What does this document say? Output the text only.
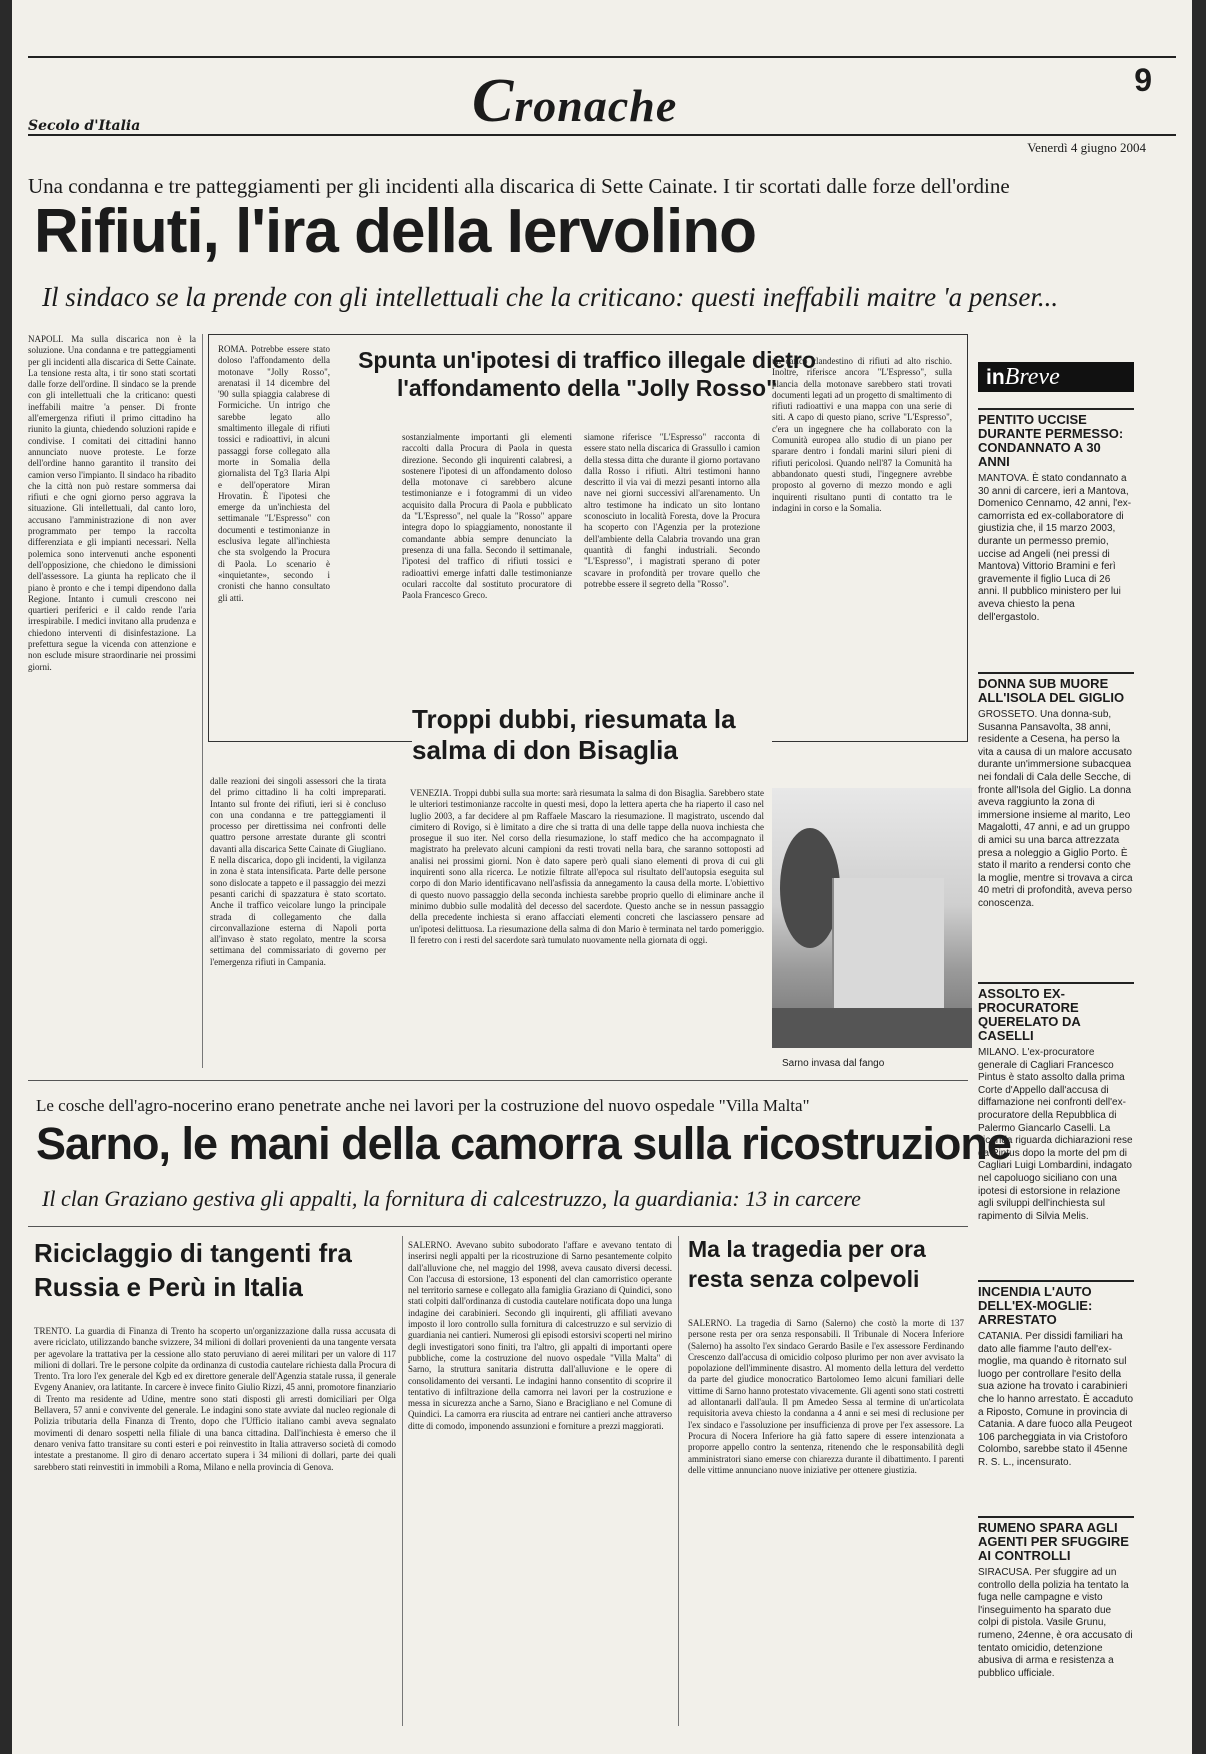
Cronache	9
Secolo d'Italia
Venerdì 4 giugno 2004
Una condanna e tre patteggiamenti per gli incidenti alla discarica di Sette Cainate. I tir scortati dalle forze dell'ordine
Rifiuti, l'ira della Iervolino
Il sindaco se la prende con gli intellettuali che la criticano: questi ineffabili maitre 'a penser...
NAPOLI. Ma sulla discarica non è la soluzione. Una condanna e tre patteggiamenti per gli incidenti alla discarica di Sette Cainate. La tensione resta alta, i tir sono stati scortati dalle forze dell'ordine. Il sindaco se la prende con gli intellettuali che la criticano: questi ineffabili maitre 'a penser. Di fronte all'emergenza rifiuti il primo cittadino ha riunito la giunta, chiedendo soluzioni rapide e condivise. I comitati dei cittadini hanno annunciato nuove proteste. Le forze dell'ordine hanno garantito il transito dei camion verso l'impianto. Il sindaco ha ribadito che la città non può restare sommersa dai rifiuti e che ogni giorno perso aggrava la situazione. Gli intellettuali, dal canto loro, accusano l'amministrazione di non aver programmato per tempo la raccolta differenziata e gli impianti necessari. Nella polemica sono intervenuti anche esponenti dell'opposizione, che chiedono le dimissioni dell'assessore. La giunta ha replicato che il piano è pronto e che i tempi dipendono dalla Regione. Intanto i cumuli crescono nei quartieri periferici e il caldo rende l'aria irrespirabile. I medici invitano alla prudenza e chiedono interventi di disinfestazione. La prefettura segue la vicenda con attenzione e non esclude misure straordinarie nei prossimi giorni.
dalle reazioni dei singoli assessori che la tirata del primo cittadino li ha colti impreparati. Intanto sul fronte dei rifiuti, ieri si è concluso con una condanna e tre patteggiamenti il processo per direttissima nei confronti delle quattro persone arrestate durante gli scontri davanti alla discarica Sette Cainate di Giugliano. E nella discarica, dopo gli incidenti, la vigilanza in zona è stata intensificata. Parte delle persone sono dislocate a tappeto e il passaggio dei mezzi pesanti carichi di spazzatura è stato scortato. Anche il traffico veicolare lungo la principale strada di collegamento che dalla circonvallazione esterna di Napoli porta all'invaso è stato regolato, mentre la scorsa settimana del commissariato di governo per l'emergenza rifiuti in Campania.
Spunta un'ipotesi di traffico illegale dietro l'affondamento della "Jolly Rosso"
ROMA. Potrebbe essere stato doloso l'affondamento della motonave "Jolly Rosso", arenatasi il 14 dicembre del '90 sulla spiaggia calabrese di Formiciche. Un intrigo che sarebbe legato allo smaltimento illegale di rifiuti tossici e radioattivi, in alcuni passaggi forse collegato alla morte in Somalia della giornalista del Tg3 Ilaria Alpi e dell'operatore Miran Hrovatin. È l'ipotesi che emerge da un'inchiesta del settimanale "L'Espresso" con documenti e testimonianze in esclusiva legate all'inchiesta che sta svolgendo la Procura di Paola. Lo scenario è «inquietante», secondo i cronisti che hanno consultato gli atti.
sostanzialmente importanti gli elementi raccolti dalla Procura di Paola in questa direzione. Secondo gli inquirenti calabresi, a sostenere l'ipotesi di un affondamento doloso della motonave ci sarebbero alcune testimonianze e i fotogrammi di un video acquisito dalla Procura di Paola e pubblicato da "L'Espresso", nel quale la "Rosso" appare integra dopo lo spiaggiamento, nonostante il comandante abbia sempre denunciato la presenza di una falla. Secondo il settimanale, l'ipotesi del traffico di rifiuti tossici e radioattivi emerge infatti dalle testimonianze oculari raccolte dal sostituto procuratore di Paola Francesco Greco.
siamone riferisce "L'Espresso" racconta di essere stato nella discarica di Grassullo i camion della stessa ditta che durante il giorno portavano dalla Rosso i rifiuti. Altri testimoni hanno descritto il via vai di mezzi pesanti intorno alla nave nei giorni successivi all'arenamento. Un altro testimone ha indicato un sito lontano sconosciuto in località Foresta, dove la Procura ha scoperto con l'Agenzia per la protezione dell'ambiente della Calabria trovando una gran quantità di fanghi industriali. Secondo "L'Espresso", i magistrati sperano di poter scavare in profondità per trovare quello che potrebbe essere il segreto della "Rosso".
un carico clandestino di rifiuti ad alto rischio. Inoltre, riferisce ancora "L'Espresso", sulla plancia della motonave sarebbero stati trovati documenti legati ad un progetto di smaltimento di rifiuti radioattivi e una mappa con una serie di siti. A capo di questo piano, scrive "L'Espresso", c'era un ingegnere che ha collaborato con la Comunità europea allo studio di un piano per sparare dentro i fondali marini siluri pieni di rifiuti pericolosi. Quando nell'87 la Comunità ha abbandonato questi studi, l'ingegnere avrebbe proposto al governo di mezzo mondo e agli inquirenti risultano punti di contatto tra le indagini in corso e la Somalia.
Troppi dubbi, riesumata la salma di don Bisaglia
VENEZIA. Troppi dubbi sulla sua morte: sarà riesumata la salma di don Bisaglia. Sarebbero state le ulteriori testimonianze raccolte in questi mesi, dopo la lettera aperta che ha riaperto il caso nel luglio 2003, a far decidere al pm Raffaele Mascaro la riesumazione. Il magistrato, uscendo dal cimitero di Rovigo, si è limitato a dire che si tratta di una delle tappe della nuova inchiesta che prosegue il suo iter. Nel corso della riesumazione, lo staff medico che ha accompagnato il magistrato ha prelevato alcuni campioni da resti trovati nella bara, che saranno sottoposti ad analisi nei prossimi giorni. Non è dato sapere però quali siano elementi di prova di cui gli inquirenti sono alla ricerca. Le notizie filtrate all'epoca sul risultato dell'autopsia eseguita sul corpo di don Mario identificavano nell'asfissia da annegamento la causa della morte. L'obiettivo di questo nuovo passaggio della seconda inchiesta sarebbe proprio quello di eliminare anche il minimo dubbio sulle modalità del decesso del sacerdote. Questo anche se in nessun passaggio della precedente inchiesta si erano affacciati elementi concreti che lasciassero pensare ad un'ipotesi delittuosa. La riesumazione della salma di don Mario è terminata nel tardo pomeriggio. Il feretro con i resti del sacerdote sarà tumulato nuovamente nella giornata di oggi.
Sarno invasa dal fango
Le cosche dell'agro-nocerino erano penetrate anche nei lavori per la costruzione del nuovo ospedale "Villa Malta"
Sarno, le mani della camorra sulla ricostruzione
Il clan Graziano gestiva gli appalti, la fornitura di calcestruzzo, la guardiania: 13 in carcere
Riciclaggio di tangenti fra Russia e Perù in Italia
TRENTO. La guardia di Finanza di Trento ha scoperto un'organizzazione dalla russa accusata di avere riciclato, utilizzando banche svizzere, 34 milioni di dollari provenienti da una tangente versata per agevolare la trattativa per la cessione allo stato peruviano di aerei militari per un valore di 117 milioni di dollari. Tre le persone colpite da ordinanza di custodia cautelare richiesta dalla Procura di Trento. Tra loro l'ex generale del Kgb ed ex direttore generale dell'Agenzia statale russa, il generale Evgeny Ananiev, ora latitante. In carcere è invece finito Giulio Rizzi, 45 anni, promotore finanziario di Trento ma residente ad Udine, mentre sono stati disposti gli arresti domiciliari per Olga Bellavera, 57 anni e convivente del generale. Le indagini sono state avviate dal nucleo regionale di Polizia tributaria della Finanza di Trento, dopo che l'Ufficio italiano cambi aveva segnalato movimenti di denaro sospetti nella filiale di una banca cittadina. Dall'inchiesta è emerso che il denaro veniva fatto transitare su conti esteri e poi reinvestito in Italia attraverso società di comodo intestate a prestanome. Il giro di denaro accertato supera i 34 milioni di dollari, parte dei quali sarebbero stati reinvestiti in immobili a Roma, Milano e nella provincia di Genova.
SALERNO. Avevano subito subodorato l'affare e avevano tentato di inserirsi negli appalti per la ricostruzione di Sarno pesantemente colpito dall'alluvione che, nel maggio del 1998, aveva causato diversi decessi. Con l'accusa di estorsione, 13 esponenti del clan camorristico operante nel territorio sarnese e collegato alla famiglia Graziano di Quindici, sono stati colpiti dall'ordinanza di custodia cautelare notificata dopo una lunga indagine dei carabinieri. Secondo gli inquirenti, gli affiliati avevano imposto il loro controllo sulla fornitura di calcestruzzo e sul servizio di guardiania nei cantieri. Numerosi gli episodi estorsivi scoperti nel mirino degli investigatori sono finiti, tra l'altro, gli appalti di importanti opere pubbliche, come la costruzione del nuovo ospedale "Villa Malta" di Sarno, la struttura sanitaria distrutta dall'alluvione e le opere di consolidamento dei versanti. Le indagini hanno consentito di scoprire il tentativo di infiltrazione della camorra nei lavori per la costruzione e messa in sicurezza anche a Sarno, Siano e Bracigliano e nel Comune di Quindici. La camorra era riuscita ad entrare nei cantieri anche attraverso ditte di comodo, imponendo assunzioni e forniture a prezzi maggiorati.
Ma la tragedia per ora resta senza colpevoli
SALERNO. La tragedia di Sarno (Salerno) che costò la morte di 137 persone resta per ora senza responsabili. Il Tribunale di Nocera Inferiore (Salerno) ha assolto l'ex sindaco Gerardo Basile e l'ex assessore Ferdinando Crescenzo dall'accusa di omicidio colposo plurimo per non aver avvisato la popolazione dell'imminente disastro. Al momento della lettura del verdetto da parte del giudice monocratico Bartolomeo Iemo alcuni familiari delle vittime di Sarno hanno protestato vivacemente. Gli agenti sono stati costretti ad allontanarli dall'aula. Il pm Amedeo Sessa al termine di un'articolata requisitoria aveva chiesto la condanna a 4 anni e sei mesi di reclusione per l'ex sindaco e l'assoluzione per insufficienza di prove per l'ex assessore. La Procura di Nocera Inferiore ha già fatto sapere di essere intenzionata a proporre appello contro la sentenza, ritenendo che le responsabilità degli amministratori siano emerse con chiarezza durante il dibattimento. I parenti delle vittime annunciano nuove iniziative per ottenere giustizia.
inBreve
PENTITO UCCISE DURANTE PERMESSO: CONDANNATO A 30 ANNI
MANTOVA. È stato condannato a 30 anni di carcere, ieri a Mantova, Domenico Cennamo, 42 anni, l'ex-camorrista ed ex-collaboratore di giustizia che, il 15 marzo 2003, durante un permesso premio, uccise ad Angeli (nei pressi di Mantova) Vittorio Bramini e ferì gravemente il figlio Luca di 26 anni. Il pubblico ministero per lui aveva chiesto la pena dell'ergastolo.
DONNA SUB MUORE ALL'ISOLA DEL GIGLIO
GROSSETO. Una donna-sub, Susanna Pansavolta, 38 anni, residente a Cesena, ha perso la vita a causa di un malore accusato durante un'immersione subacquea nei fondali di Cala delle Secche, di fronte all'Isola del Giglio. La donna aveva raggiunto la zona di immersione insieme al marito, Leo Magalotti, 47 anni, e ad un gruppo di amici su una barca attrezzata presa a noleggio a Giglio Porto. È stato il marito a rendersi conto che la moglie, mentre si trovava a circa 40 metri di profondità, aveva perso conoscenza.
ASSOLTO EX-PROCURATORE QUERELATO DA CASELLI
MILANO. L'ex-procuratore generale di Cagliari Francesco Pintus è stato assolto dalla prima Corte d'Appello dall'accusa di diffamazione nei confronti dell'ex-procuratore della Repubblica di Palermo Giancarlo Caselli. La vicenda riguarda dichiarazioni rese da Pintus dopo la morte del pm di Cagliari Luigi Lombardini, indagato nel capoluogo siciliano con una ipotesi di estorsione in relazione agli sviluppi dell'inchiesta sul rapimento di Silvia Melis.
INCENDIA L'AUTO DELL'EX-MOGLIE: ARRESTATO
CATANIA. Per dissidi familiari ha dato alle fiamme l'auto dell'ex-moglie, ma quando è ritornato sul luogo per controllare l'esito della sua azione ha trovato i carabinieri che lo hanno arrestato. È accaduto a Riposto, Comune in provincia di Catania. A dare fuoco alla Peugeot 106 parcheggiata in via Cristoforo Colombo, sarebbe stato il 45enne R. S. L., incensurato.
RUMENO SPARA AGLI AGENTI PER SFUGGIRE AI CONTROLLI
SIRACUSA. Per sfuggire ad un controllo della polizia ha tentato la fuga nelle campagne e visto l'inseguimento ha sparato due colpi di pistola. Vasile Grunu, rumeno, 24enne, è ora accusato di tentato omicidio, detenzione abusiva di arma e resistenza a pubblico ufficiale.
